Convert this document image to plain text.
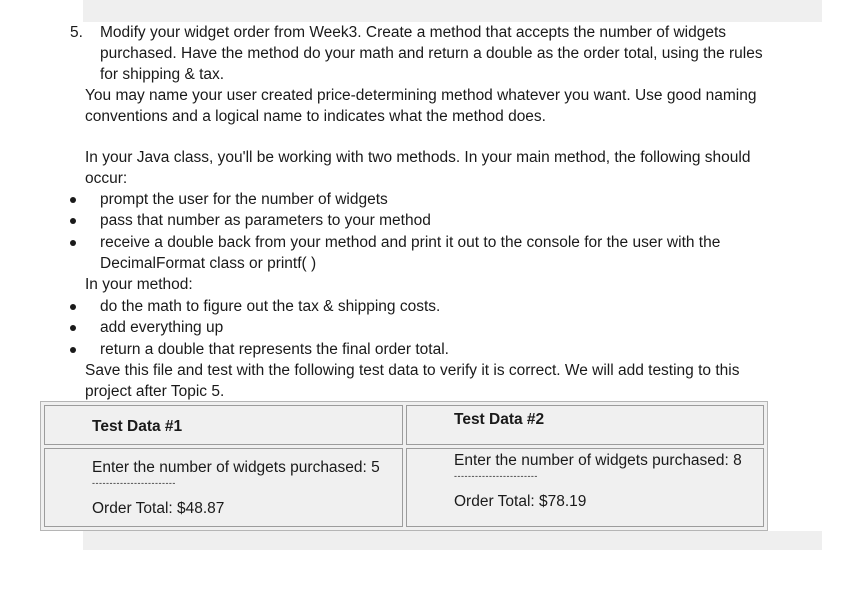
5. Modify your widget order from Week3. Create a method that accepts the number of widgets
purchased. Have the method do your math and return a double as the order total, using the rules
for shipping & tax.
You may name your user created price-determining method whatever you want. Use good naming
conventions and a logical name to indicates what the method does.
In your Java class, you'll be working with two methods. In your main method, the following should
occur:
prompt the user for the number of widgets
pass that number as parameters to your method
receive a double back from your method and print it out to the console for the user with the
DecimalFormat class or printf( )
In your method:
do the math to figure out the tax & shipping costs.
add everything up
return a double that represents the final order total.
Save this file and test with the following test data to verify it is correct. We will add testing to this
project after Topic 5.
Test Data #1	Test Data #2
Enter the number of widgets purchased: 5
------------------------
Order Total: $48.87
Enter the number of widgets purchased: 8
------------------------
Order Total: $78.19
